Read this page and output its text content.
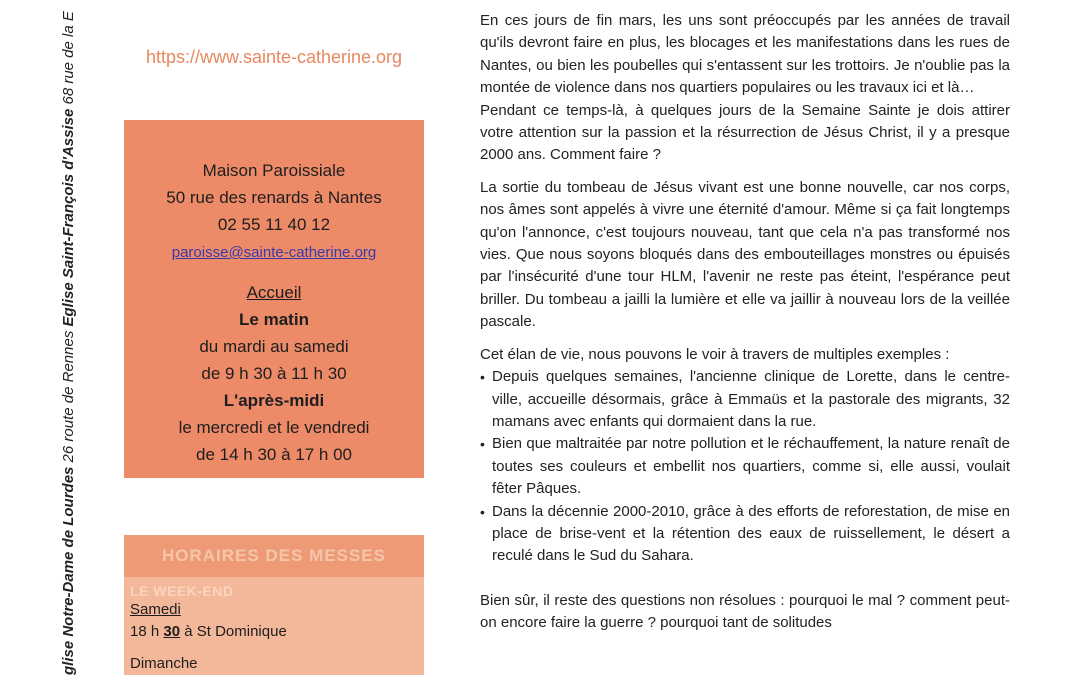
glise Notre-Dame de Lourdes 26 route de Rennes Eglise Saint-François d'Assise 68 rue de la E	https://www.sainte-catherine.org
Maison Paroissiale
50 rue des renards à Nantes
02 55 11 40 12
paroisse@sainte-catherine.org
Accueil
Le matin
du mardi au samedi
de 9 h 30 à 11 h 30
L'après-midi
le mercredi et le vendredi
de 14 h 30 à 17 h 00
HORAIRES DES MESSES
LE WEEK-END
Samedi
18 h 30 à St Dominique
Dimanche

En ces jours de fin mars, les uns sont préoccupés par les années de travail qu'ils devront faire en plus, les blocages et les manifestations dans les rues de Nantes, ou bien les poubelles qui s'entassent sur les trottoirs. Je n'oublie pas la montée de violence dans nos quartiers populaires ou les travaux ici et là…

Pendant ce temps-là, à quelques jours de la Semaine Sainte je dois attirer votre attention sur la passion et la résurrection de Jésus Christ, il y a presque 2000 ans. Comment faire ?

La sortie du tombeau de Jésus vivant est une bonne nouvelle, car nos corps, nos âmes sont appelés à vivre une éternité d'amour. Même si ça fait longtemps qu'on l'annonce, c'est toujours nouveau, tant que cela n'a pas transformé nos vies. Que nous soyons bloqués dans des embouteillages monstres ou épuisés par l'insécurité d'une tour HLM, l'avenir ne reste pas éteint, l'espérance peut briller. Du tombeau a jailli la lumière et elle va jaillir à nouveau lors de la veillée pascale.

Cet élan de vie, nous pouvons le voir à travers de multiples exemples :

• Depuis quelques semaines, l'ancienne clinique de Lorette, dans le centre-ville, accueille désormais, grâce à Emmaüs et la pastorale des migrants, 32 mamans avec enfants qui dormaient dans la rue.
• Bien que maltraitée par notre pollution et le réchauffement, la nature renaît de toutes ses couleurs et embellit nos quartiers, comme si, elle aussi, voulait fêter Pâques.
• Dans la décennie 2000-2010, grâce à des efforts de reforestation, de mise en place de brise-vent et la rétention des eaux de ruissellement, le désert a reculé dans le Sud du Sahara.

Bien sûr, il reste des questions non résolues : pourquoi le mal ? comment peut-on encore faire la guerre ? pourquoi tant de solitudes
